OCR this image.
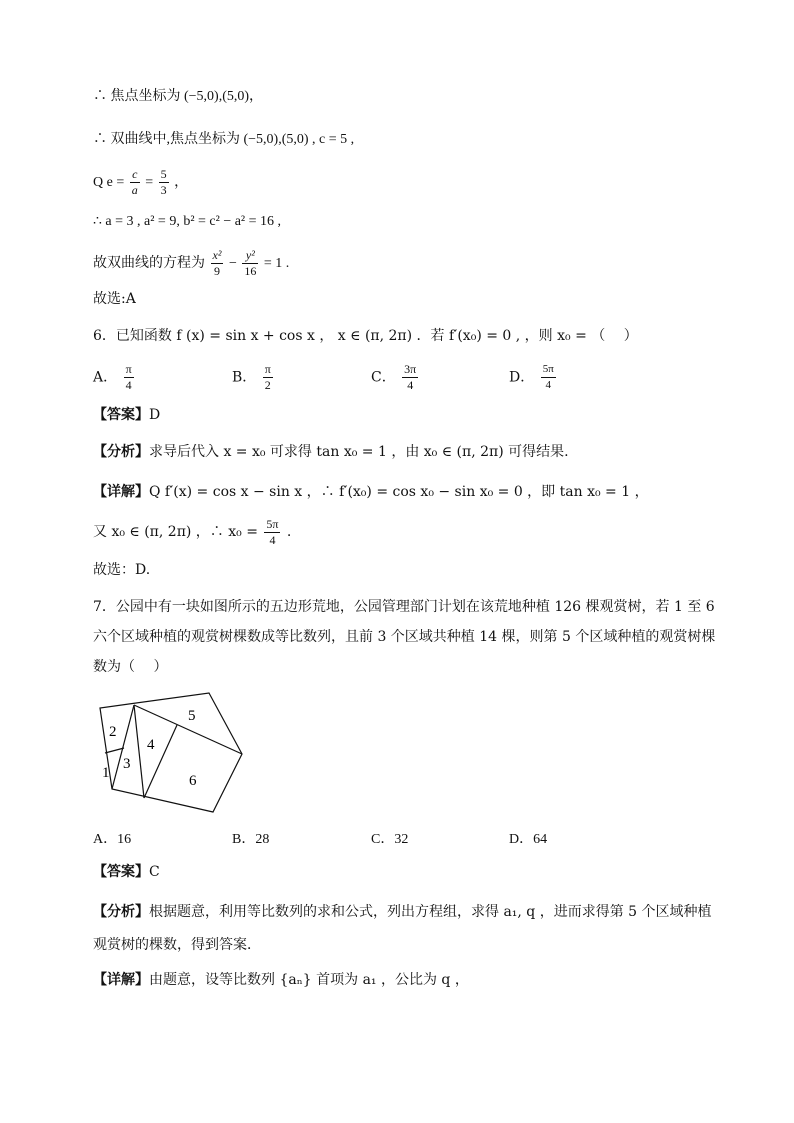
∴ 焦点坐标为 (−5,0),(5,0)，
∴ 双曲线中,焦点坐标为 (−5,0),(5,0) , c = 5 ,
Q $e = \frac{c}{a} = \frac{5}{3}$ ，
∴ a = 3 , a² = 9, b² = c² − a² = 16 ,
故双曲线的方程为 $\frac{\text{x²}}{9} - \frac{\text{y²}}{16} = 1$ .
故选:A
6．已知函数 f (x) = sin x + cos x ， x ∈ (π, 2π) ．若 f′(x₀) = 0 , ，则 x₀ = （　 ）
A． $\frac{\pi}{4}$	B． $\frac{\pi}{2}$	C． $\frac{3\pi}{4}$	D． $\frac{5\pi}{4}$
【答案】D
【分析】求导后代入 x = x₀ 可求得 tan x₀ = 1 ，由 x₀ ∈ (π, 2π) 可得结果.
【详解】Q f′(x) = cos x − sin x ，∴ f′(x₀) = cos x₀ − sin x₀ = 0 ，即 tan x₀ = 1 ，
又 x₀ ∈ (π, 2π) ，∴ $x_0 = \frac{5\pi}{4}$ .
故选：D.
7．公园中有一块如图所示的五边形荒地，公园管理部门计划在该荒地种植 126 棵观赏树，若 1 至 6
六个区域种植的观赏树棵数成等比数列，且前 3 个区域共种植 14 棵，则第 5 个区域种植的观赏树棵
数为（　 ）
1
2
3
4
5
6
A．16	B．28	C．32	D．64
【答案】C
【分析】根据题意，利用等比数列的求和公式，列出方程组，求得 a₁, q ，进而求得第 5 个区域种植
观赏树的棵数，得到答案．
【详解】由题意，设等比数列 {aₙ} 首项为 a₁ ，公比为 q ，
